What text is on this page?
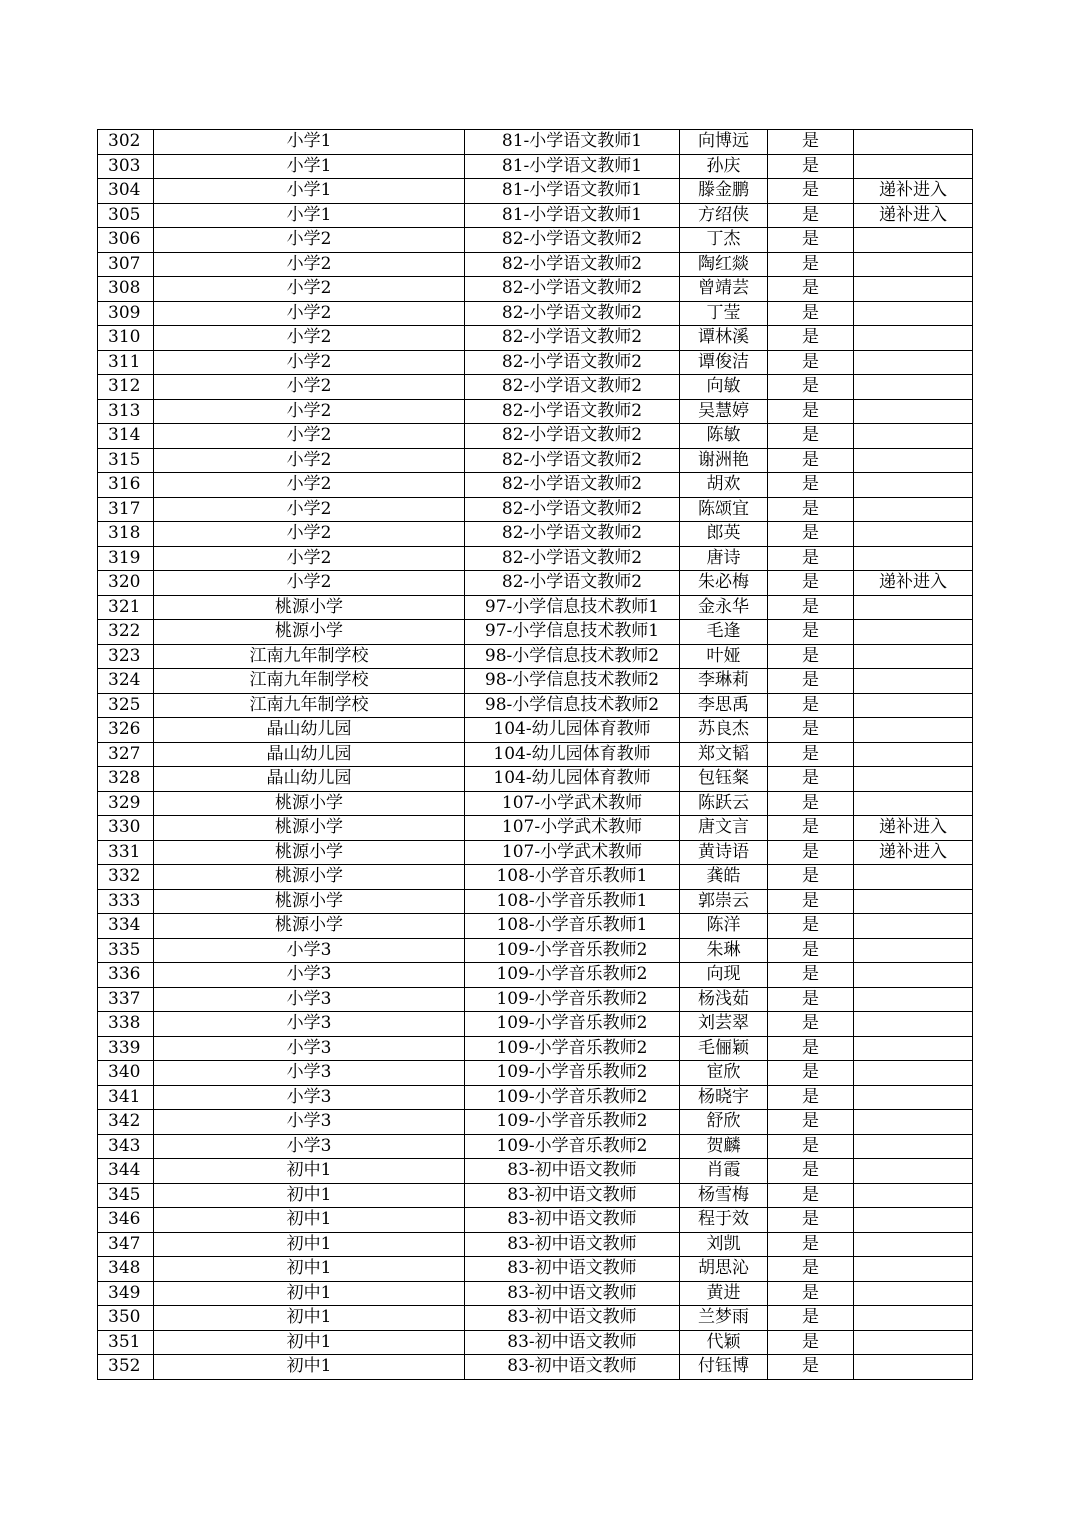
302	小学1	81-小学语文教师1	向博远	是	
303	小学1	81-小学语文教师1	孙庆	是	
304	小学1	81-小学语文教师1	滕金鹏	是	递补进入
305	小学1	81-小学语文教师1	方绍侠	是	递补进入
306	小学2	82-小学语文教师2	丁杰	是	
307	小学2	82-小学语文教师2	陶红燚	是	
308	小学2	82-小学语文教师2	曾靖芸	是	
309	小学2	82-小学语文教师2	丁莹	是	
310	小学2	82-小学语文教师2	谭林溪	是	
311	小学2	82-小学语文教师2	谭俊洁	是	
312	小学2	82-小学语文教师2	向敏	是	
313	小学2	82-小学语文教师2	吴慧婷	是	
314	小学2	82-小学语文教师2	陈敏	是	
315	小学2	82-小学语文教师2	谢洲艳	是	
316	小学2	82-小学语文教师2	胡欢	是	
317	小学2	82-小学语文教师2	陈颂宜	是	
318	小学2	82-小学语文教师2	郎英	是	
319	小学2	82-小学语文教师2	唐诗	是	
320	小学2	82-小学语文教师2	朱必梅	是	递补进入
321	桃源小学	97-小学信息技术教师1	金永华	是	
322	桃源小学	97-小学信息技术教师1	毛逢	是	
323	江南九年制学校	98-小学信息技术教师2	叶娅	是	
324	江南九年制学校	98-小学信息技术教师2	李琳莉	是	
325	江南九年制学校	98-小学信息技术教师2	李思禹	是	
326	晶山幼儿园	104-幼儿园体育教师	苏良杰	是	
327	晶山幼儿园	104-幼儿园体育教师	郑文韬	是	
328	晶山幼儿园	104-幼儿园体育教师	包钰粲	是	
329	桃源小学	107-小学武术教师	陈跃云	是	
330	桃源小学	107-小学武术教师	唐文言	是	递补进入
331	桃源小学	107-小学武术教师	黄诗语	是	递补进入
332	桃源小学	108-小学音乐教师1	龚皓	是	
333	桃源小学	108-小学音乐教师1	郭崇云	是	
334	桃源小学	108-小学音乐教师1	陈洋	是	
335	小学3	109-小学音乐教师2	朱琳	是	
336	小学3	109-小学音乐教师2	向现	是	
337	小学3	109-小学音乐教师2	杨浅茹	是	
338	小学3	109-小学音乐教师2	刘芸翠	是	
339	小学3	109-小学音乐教师2	毛俪颖	是	
340	小学3	109-小学音乐教师2	宦欣	是	
341	小学3	109-小学音乐教师2	杨晓宇	是	
342	小学3	109-小学音乐教师2	舒欣	是	
343	小学3	109-小学音乐教师2	贺麟	是	
344	初中1	83-初中语文教师	肖霞	是	
345	初中1	83-初中语文教师	杨雪梅	是	
346	初中1	83-初中语文教师	程于效	是	
347	初中1	83-初中语文教师	刘凯	是	
348	初中1	83-初中语文教师	胡思沁	是	
349	初中1	83-初中语文教师	黄进	是	
350	初中1	83-初中语文教师	兰梦雨	是	
351	初中1	83-初中语文教师	代颖	是	
352	初中1	83-初中语文教师	付钰博	是	
